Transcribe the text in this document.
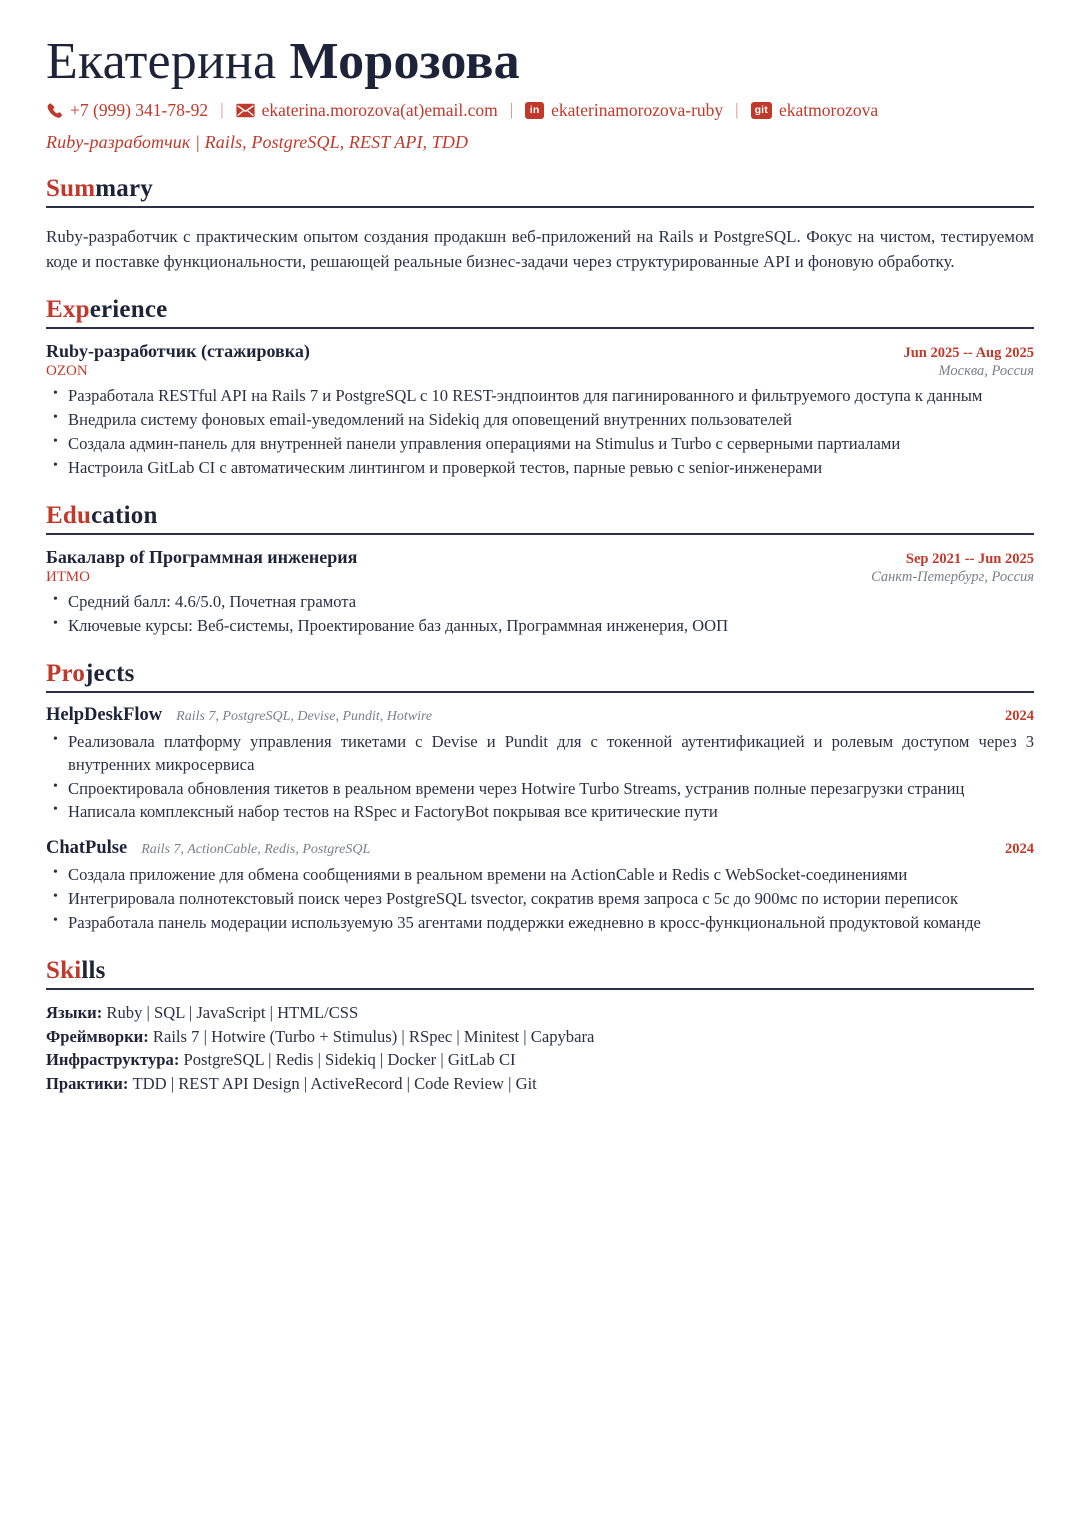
Екатерина Морозова
+7 (999) 341-78-92 |	ekaterina.morozova(at)email.com |	in ekaterinamorozova-ruby |	git ekatmorozova
Ruby-разработчик | Rails, PostgreSQL, REST API, TDD
Summary

Ruby-разработчик с практическим опытом создания продакшн веб-приложений на Rails и PostgreSQL. Фокус на чистом, тестируемом коде и поставке функциональности, решающей реальные бизнес-задачи через структурированные API и фоновую обработку.

Experience
Ruby-разработчик (стажировка)	Jun 2025 -- Aug 2025
OZON	Москва, Россия
• Разработала RESTful API на Rails 7 и PostgreSQL с 10 REST-эндпоинтов для пагинированного и фильтруемого доступа к данным
• Внедрила систему фоновых email-уведомлений на Sidekiq для оповещений внутренних пользователей
• Создала админ-панель для внутренней панели управления операциями на Stimulus и Turbo с серверными партиалами
• Настроила GitLab CI с автоматическим линтингом и проверкой тестов, парные ревью с senior-инженерами
Education
Бакалавр of Программная инженерия	Sep 2021 -- Jun 2025
ИТМО	Санкт-Петербург, Россия
• Средний балл: 4.6/5.0, Почетная грамота
• Ключевые курсы: Веб-системы, Проектирование баз данных, Программная инженерия, ООП
Projects
HelpDeskFlow Rails 7, PostgreSQL, Devise, Pundit, Hotwire	2024
• Реализовала платформу управления тикетами с Devise и Pundit для с токенной аутентификацией и ролевым доступом через 3 внутренних микросервиса
• Спроектировала обновления тикетов в реальном времени через Hotwire Turbo Streams, устранив полные перезагрузки страниц
• Написала комплексный набор тестов на RSpec и FactoryBot покрывая все критические пути
ChatPulse Rails 7, ActionCable, Redis, PostgreSQL	2024
• Создала приложение для обмена сообщениями в реальном времени на ActionCable и Redis с WebSocket-соединениями
• Интегрировала полнотекстовый поиск через PostgreSQL tsvector, сократив время запроса с 5с до 900мс по истории переписок
• Разработала панель модерации используемую 35 агентами поддержки ежедневно в кросс-функциональной продуктовой команде
Skills
Языки: Ruby | SQL | JavaScript | HTML/CSS
Фреймворки: Rails 7 | Hotwire (Turbo + Stimulus) | RSpec | Minitest | Capybara
Инфраструктура: PostgreSQL | Redis | Sidekiq | Docker | GitLab CI
Практики: TDD | REST API Design | ActiveRecord | Code Review | Git
